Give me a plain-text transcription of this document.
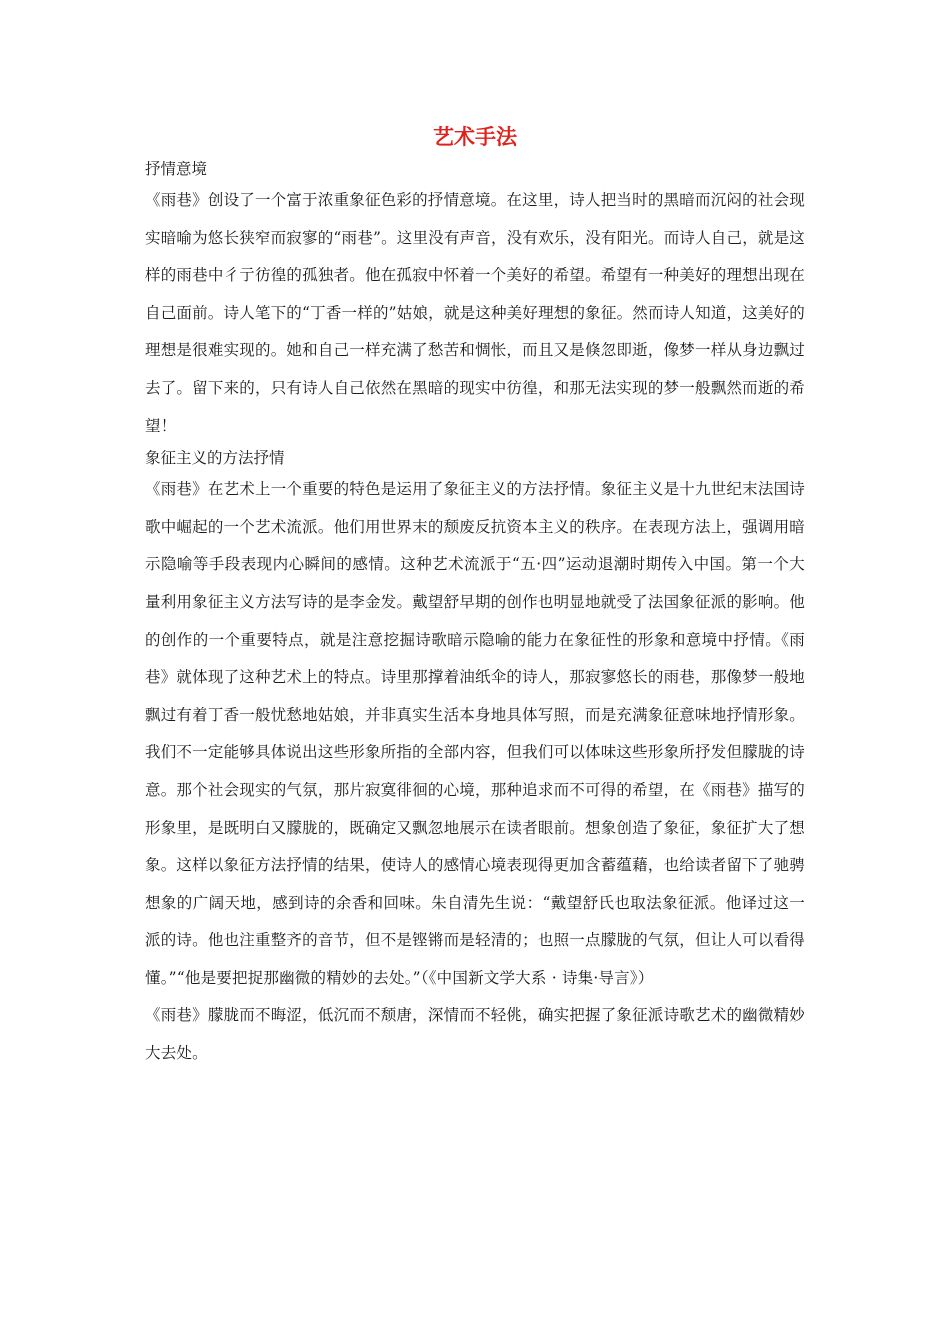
艺术手法

抒情意境

《雨巷》创设了一个富于浓重象征色彩的抒情意境。在这里，诗人把当时的黑暗而沉闷的社会现实暗喻为悠长狭窄而寂寥的“雨巷”。这里没有声音，没有欢乐，没有阳光。而诗人自己，就是这样的雨巷中彳亍彷徨的孤独者。他在孤寂中怀着一个美好的希望。希望有一种美好的理想出现在自己面前。诗人笔下的“丁香一样的”姑娘，就是这种美好理想的象征。然而诗人知道，这美好的理想是很难实现的。她和自己一样充满了愁苦和惆怅，而且又是倏忽即逝，像梦一样从身边飘过去了。留下来的，只有诗人自己依然在黑暗的现实中彷徨，和那无法实现的梦一般飘然而逝的希望！

象征主义的方法抒情

《雨巷》在艺术上一个重要的特色是运用了象征主义的方法抒情。象征主义是十九世纪末法国诗歌中崛起的一个艺术流派。他们用世界末的颓废反抗资本主义的秩序。在表现方法上，强调用暗示隐喻等手段表现内心瞬间的感情。这种艺术流派于“五·四”运动退潮时期传入中国。第一个大量利用象征主义方法写诗的是李金发。戴望舒早期的创作也明显地就受了法国象征派的影响。他的创作的一个重要特点，就是注意挖掘诗歌暗示隐喻的能力在象征性的形象和意境中抒情。《雨巷》就体现了这种艺术上的特点。诗里那撑着油纸伞的诗人，那寂寥悠长的雨巷，那像梦一般地飘过有着丁香一般忧愁地姑娘，并非真实生活本身地具体写照，而是充满象征意味地抒情形象。我们不一定能够具体说出这些形象所指的全部内容，但我们可以体味这些形象所抒发但朦胧的诗意。那个社会现实的气氛，那片寂寞徘徊的心境，那种追求而不可得的希望，在《雨巷》描写的形象里，是既明白又朦胧的，既确定又飘忽地展示在读者眼前。想象创造了象征，象征扩大了想象。这样以象征方法抒情的结果，使诗人的感情心境表现得更加含蓄蕴藉，也给读者留下了驰骋想象的广阔天地，感到诗的余香和回味。朱自清先生说：“戴望舒氏也取法象征派。他译过这一派的诗。他也注重整齐的音节，但不是铿锵而是轻清的；也照一点朦胧的气氛，但让人可以看得懂。”“他是要把捉那幽微的精妙的去处。”（《中国新文学大系 · 诗集·导言》）

《雨巷》朦胧而不晦涩，低沉而不颓唐，深情而不轻佻，确实把握了象征派诗歌艺术的幽微精妙大去处。
